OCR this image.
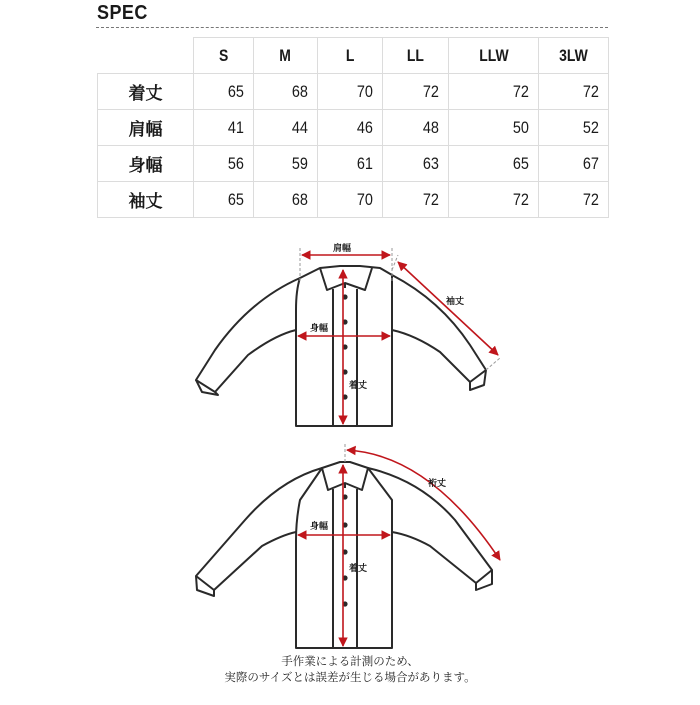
SPEC
	S	M	L	LL	LLW	3LW
着丈	65	68	70	72	72	72
肩幅	41	44	46	48	50	52
身幅	56	59	61	63	65	67
袖丈	65	68	70	72	72	72
肩幅
袖丈
身幅
着丈
裄丈
身幅
着丈
手作業による計測のため、
実際のサイズとは誤差が生じる場合があります。
